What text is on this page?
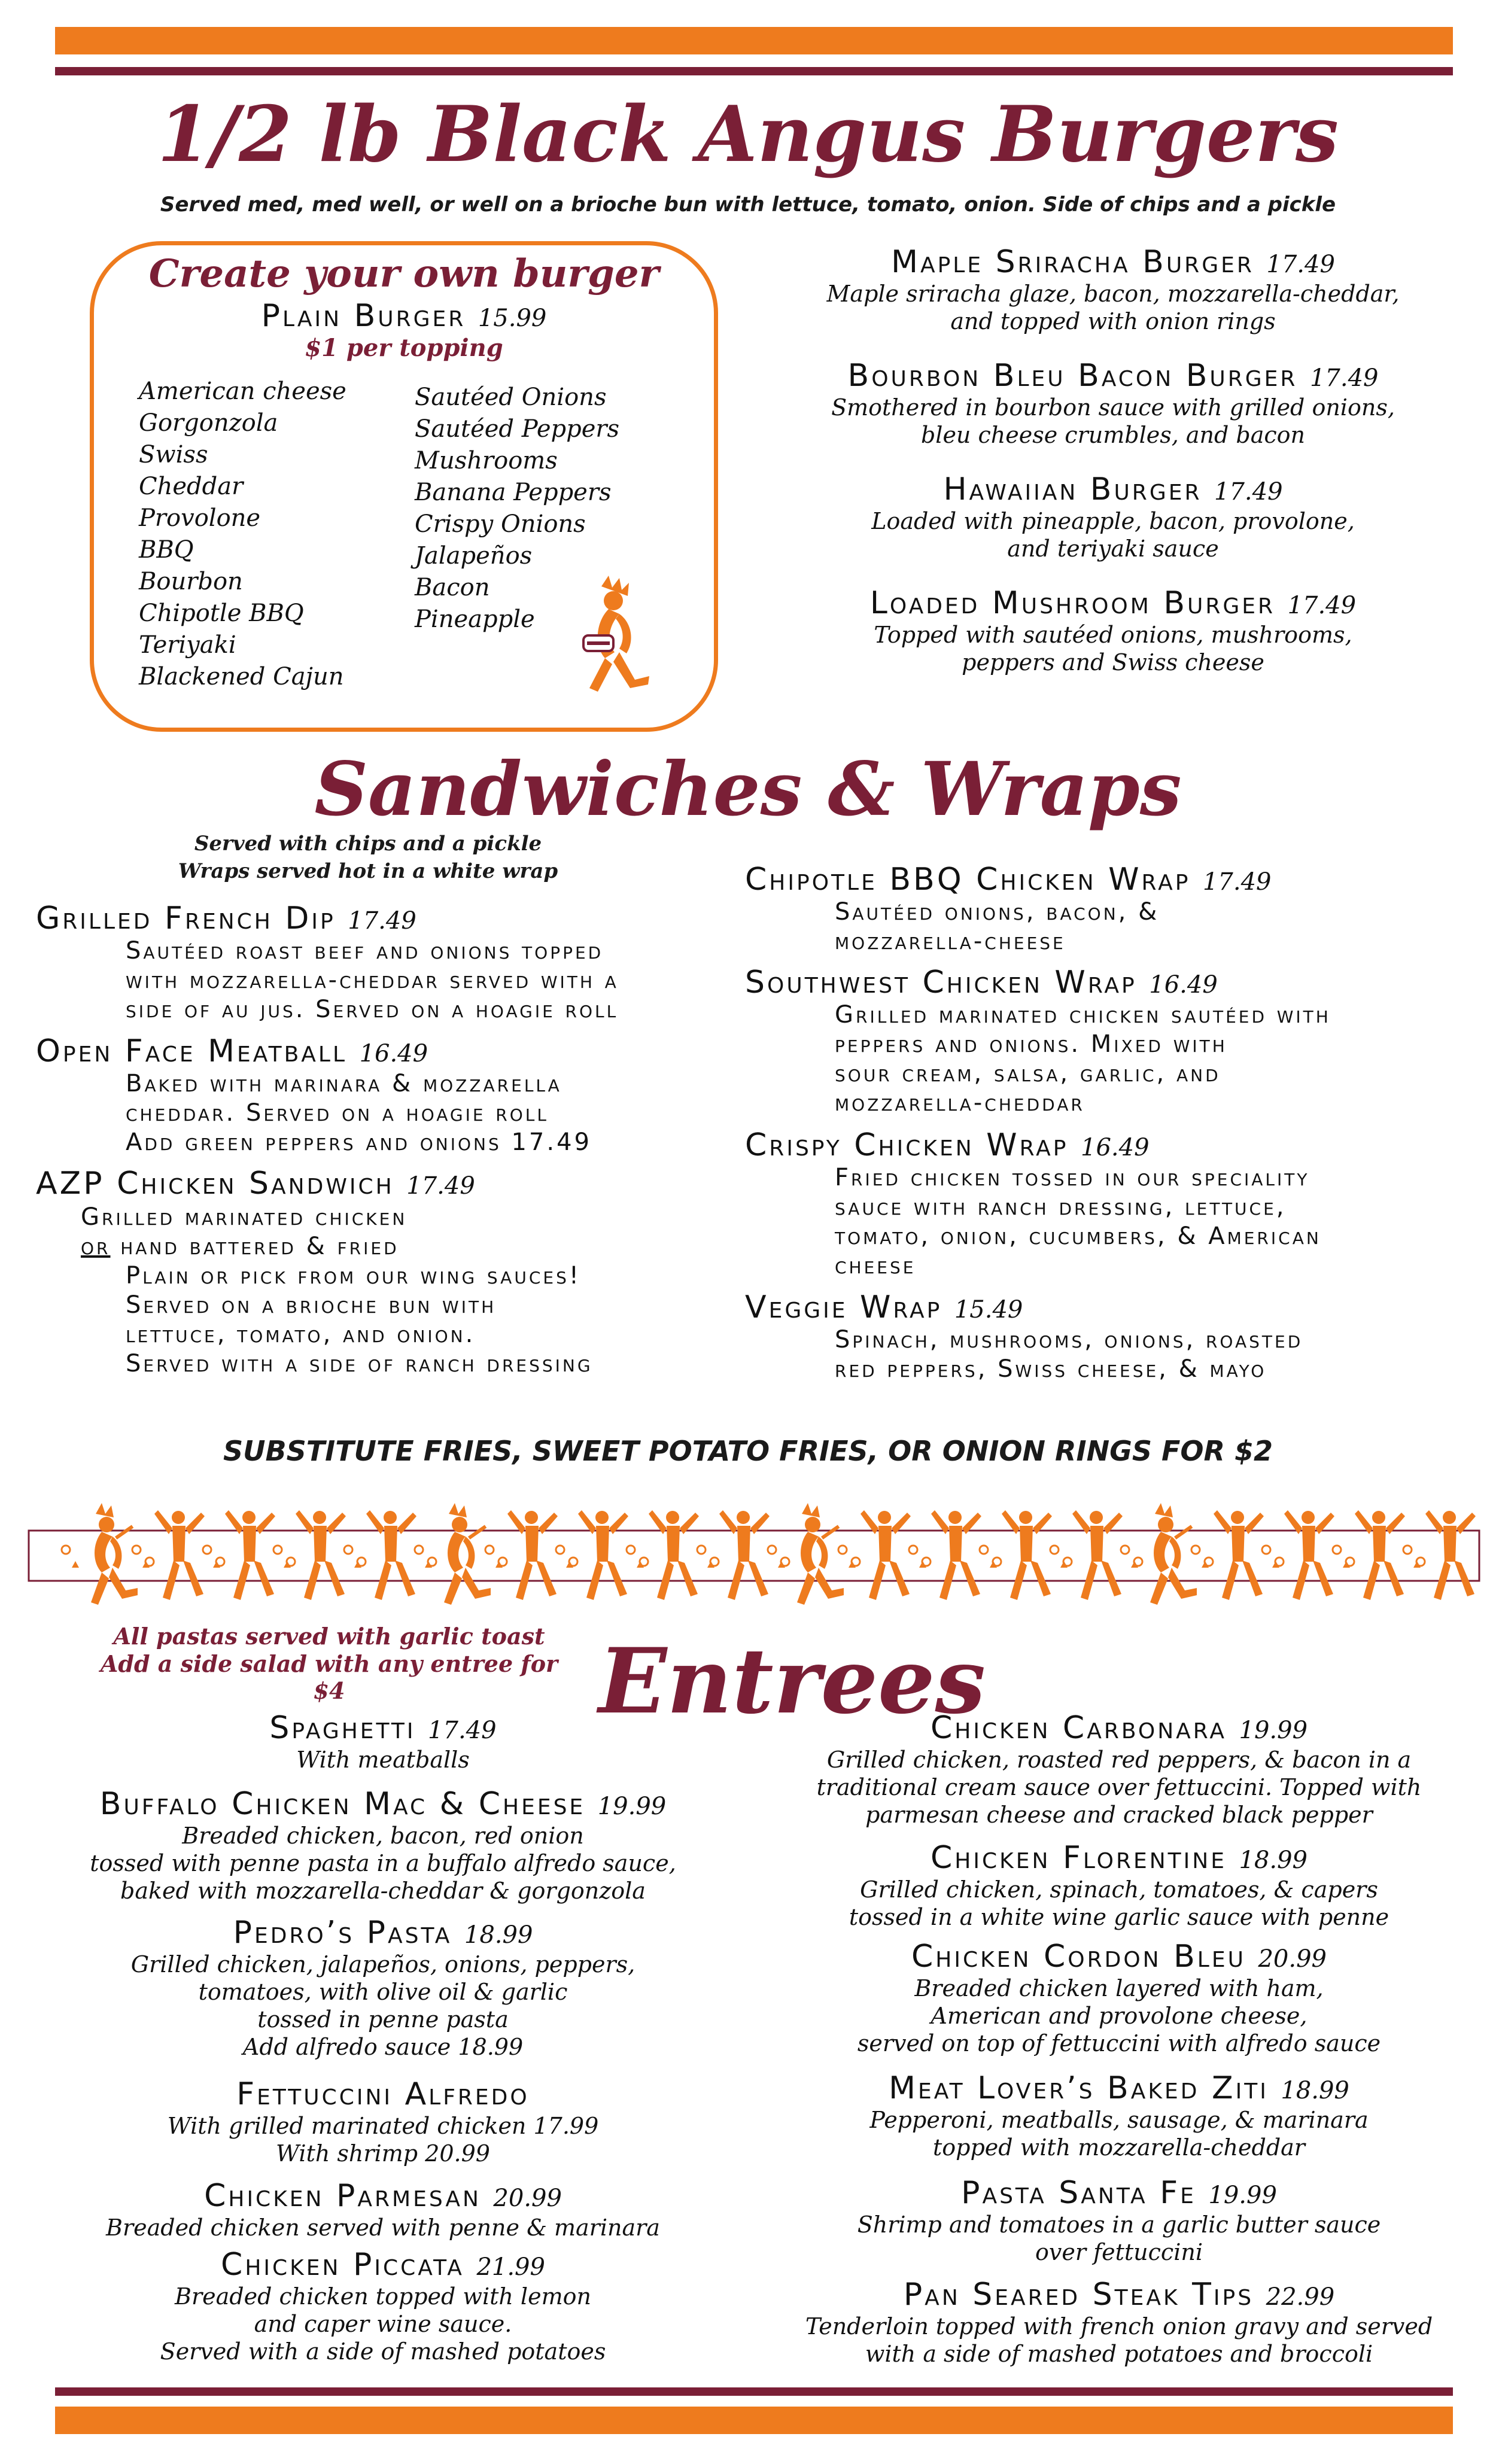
1/2 lb Black Angus Burgers
Served med, med well, or well on a brioche bun with lettuce, tomato, onion. Side of chips and a pickle
Create your own burger
Plain Burger 15.99
$1 per topping
American cheese
Gorgonzola
Swiss
Cheddar
Provolone
BBQ
Bourbon
Chipotle BBQ
Teriyaki
Blackened Cajun
Sautéed Onions
Sautéed Peppers
Mushrooms
Banana Peppers
Crispy Onions
Jalapeños
Bacon
Pineapple
Maple Sriracha Burger 17.49
Maple sriracha glaze, bacon, mozzarella-cheddar,
and topped with onion rings
Bourbon Bleu Bacon Burger 17.49
Smothered in bourbon sauce with grilled onions,
bleu cheese crumbles, and bacon
Hawaiian Burger 17.49
Loaded with pineapple, bacon, provolone,
and teriyaki sauce
Loaded Mushroom Burger 17.49
Topped with sautéed onions, mushrooms,
peppers and Swiss cheese
Sandwiches & Wraps
Served with chips and a pickle
Wraps served hot in a white wrap
Grilled French Dip 17.49
Sautéed roast beef and onions topped
with mozzarella-cheddar served with a
side of au jus. Served on a hoagie roll
Open Face Meatball 16.49
Baked with marinara & mozzarella
cheddar. Served on a hoagie roll
Add green peppers and onions 17.49
AZP Chicken Sandwich 17.49
Grilled marinated chicken
or hand battered & fried
Plain or pick from our wing sauces!
Served on a brioche bun with
lettuce, tomato, and onion.
Served with a side of ranch dressing
Chipotle BBQ Chicken Wrap 17.49
Sautéed onions, bacon, &
mozzarella-cheese
Southwest Chicken Wrap 16.49
Grilled marinated chicken sautéed with
peppers and onions. Mixed with
sour cream, salsa, garlic, and
mozzarella-cheddar
Crispy Chicken Wrap 16.49
Fried chicken tossed in our speciality
sauce with ranch dressing, lettuce,
tomato, onion, cucumbers, & American
cheese
Veggie Wrap 15.49
Spinach, mushrooms, onions, roasted
red peppers, Swiss cheese, & mayo
SUBSTITUTE FRIES, SWEET POTATO FRIES, OR ONION RINGS FOR $2
Entrees
All pastas served with garlic toast
Add a side salad with any entree for $4
Spaghetti 17.49
With meatballs
Buffalo Chicken Mac & Cheese 19.99
Breaded chicken, bacon, red onion
tossed with penne pasta in a buffalo alfredo sauce,
baked with mozzarella-cheddar & gorgonzola
Pedro’s Pasta 18.99
Grilled chicken, jalapeños, onions, peppers,
tomatoes, with olive oil & garlic
tossed in penne pasta
Add alfredo sauce 18.99
Fettuccini Alfredo
With grilled marinated chicken 17.99
With shrimp 20.99
Chicken Parmesan 20.99
Breaded chicken served with penne & marinara
Chicken Piccata 21.99
Breaded chicken topped with lemon
and caper wine sauce.
Served with a side of mashed potatoes
Chicken Carbonara 19.99
Grilled chicken, roasted red peppers, & bacon in a
traditional cream sauce over fettuccini. Topped with
parmesan cheese and cracked black pepper
Chicken Florentine 18.99
Grilled chicken, spinach, tomatoes, & capers
tossed in a white wine garlic sauce with penne
Chicken Cordon Bleu 20.99
Breaded chicken layered with ham,
American and provolone cheese,
served on top of fettuccini with alfredo sauce
Meat Lover’s Baked Ziti 18.99
Pepperoni, meatballs, sausage, & marinara
topped with mozzarella-cheddar
Pasta Santa Fe 19.99
Shrimp and tomatoes in a garlic butter sauce
over fettuccini
Pan Seared Steak Tips 22.99
Tenderloin topped with french onion gravy and served
with a side of mashed potatoes and broccoli
